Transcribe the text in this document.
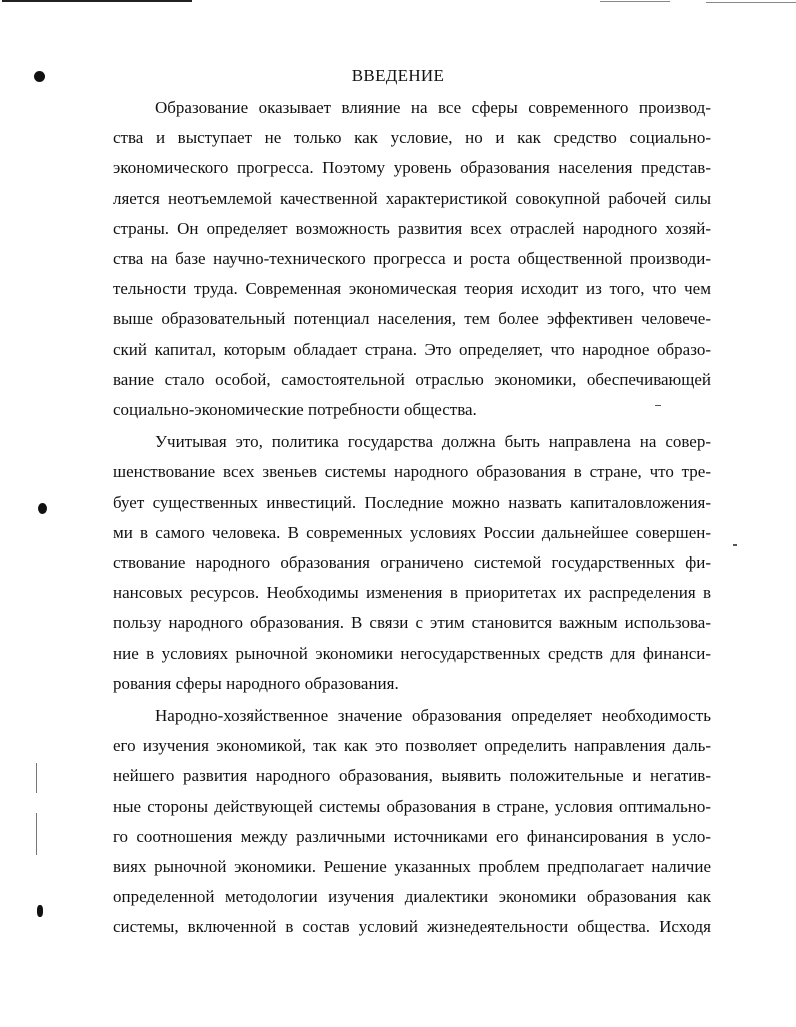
ВВЕДЕНИЕ

Образование оказывает влияние на все сферы современного производ-
ства и выступает не только как условие, но и как средство социально-
экономического прогресса. Поэтому уровень образования населения представ-
ляется неотъемлемой качественной характеристикой совокупной рабочей силы
страны. Он определяет возможность развития всех отраслей народного хозяй-
ства на базе научно-технического прогресса и роста общественной производи-
тельности труда. Современная экономическая теория исходит из того, что чем
выше образовательный потенциал населения, тем более эффективен человече-
ский капитал, которым обладает страна. Это определяет, что народное образо-
вание стало особой, самостоятельной отраслью экономики, обеспечивающей
социально-экономические потребности общества.

Учитывая это, политика государства должна быть направлена на совер-
шенствование всех звеньев системы народного образования в стране, что тре-
бует существенных инвестиций. Последние можно назвать капиталовложения-
ми в самого человека. В современных условиях России дальнейшее совершен-
ствование народного образования ограничено системой государственных фи-
нансовых ресурсов. Необходимы изменения в приоритетах их распределения в
пользу народного образования. В связи с этим становится важным использова-
ние в условиях рыночной экономики негосударственных средств для финанси-
рования сферы народного образования.

Народно-хозяйственное значение образования определяет необходимость
его изучения экономикой, так как это позволяет определить направления даль-
нейшего развития народного образования, выявить положительные и негатив-
ные стороны действующей системы образования в стране, условия оптимально-
го соотношения между различными источниками его финансирования в усло-
виях рыночной экономики. Решение указанных проблем предполагает наличие
определенной методологии изучения диалектики экономики образования как
системы, включенной в состав условий жизнедеятельности общества. Исходя
